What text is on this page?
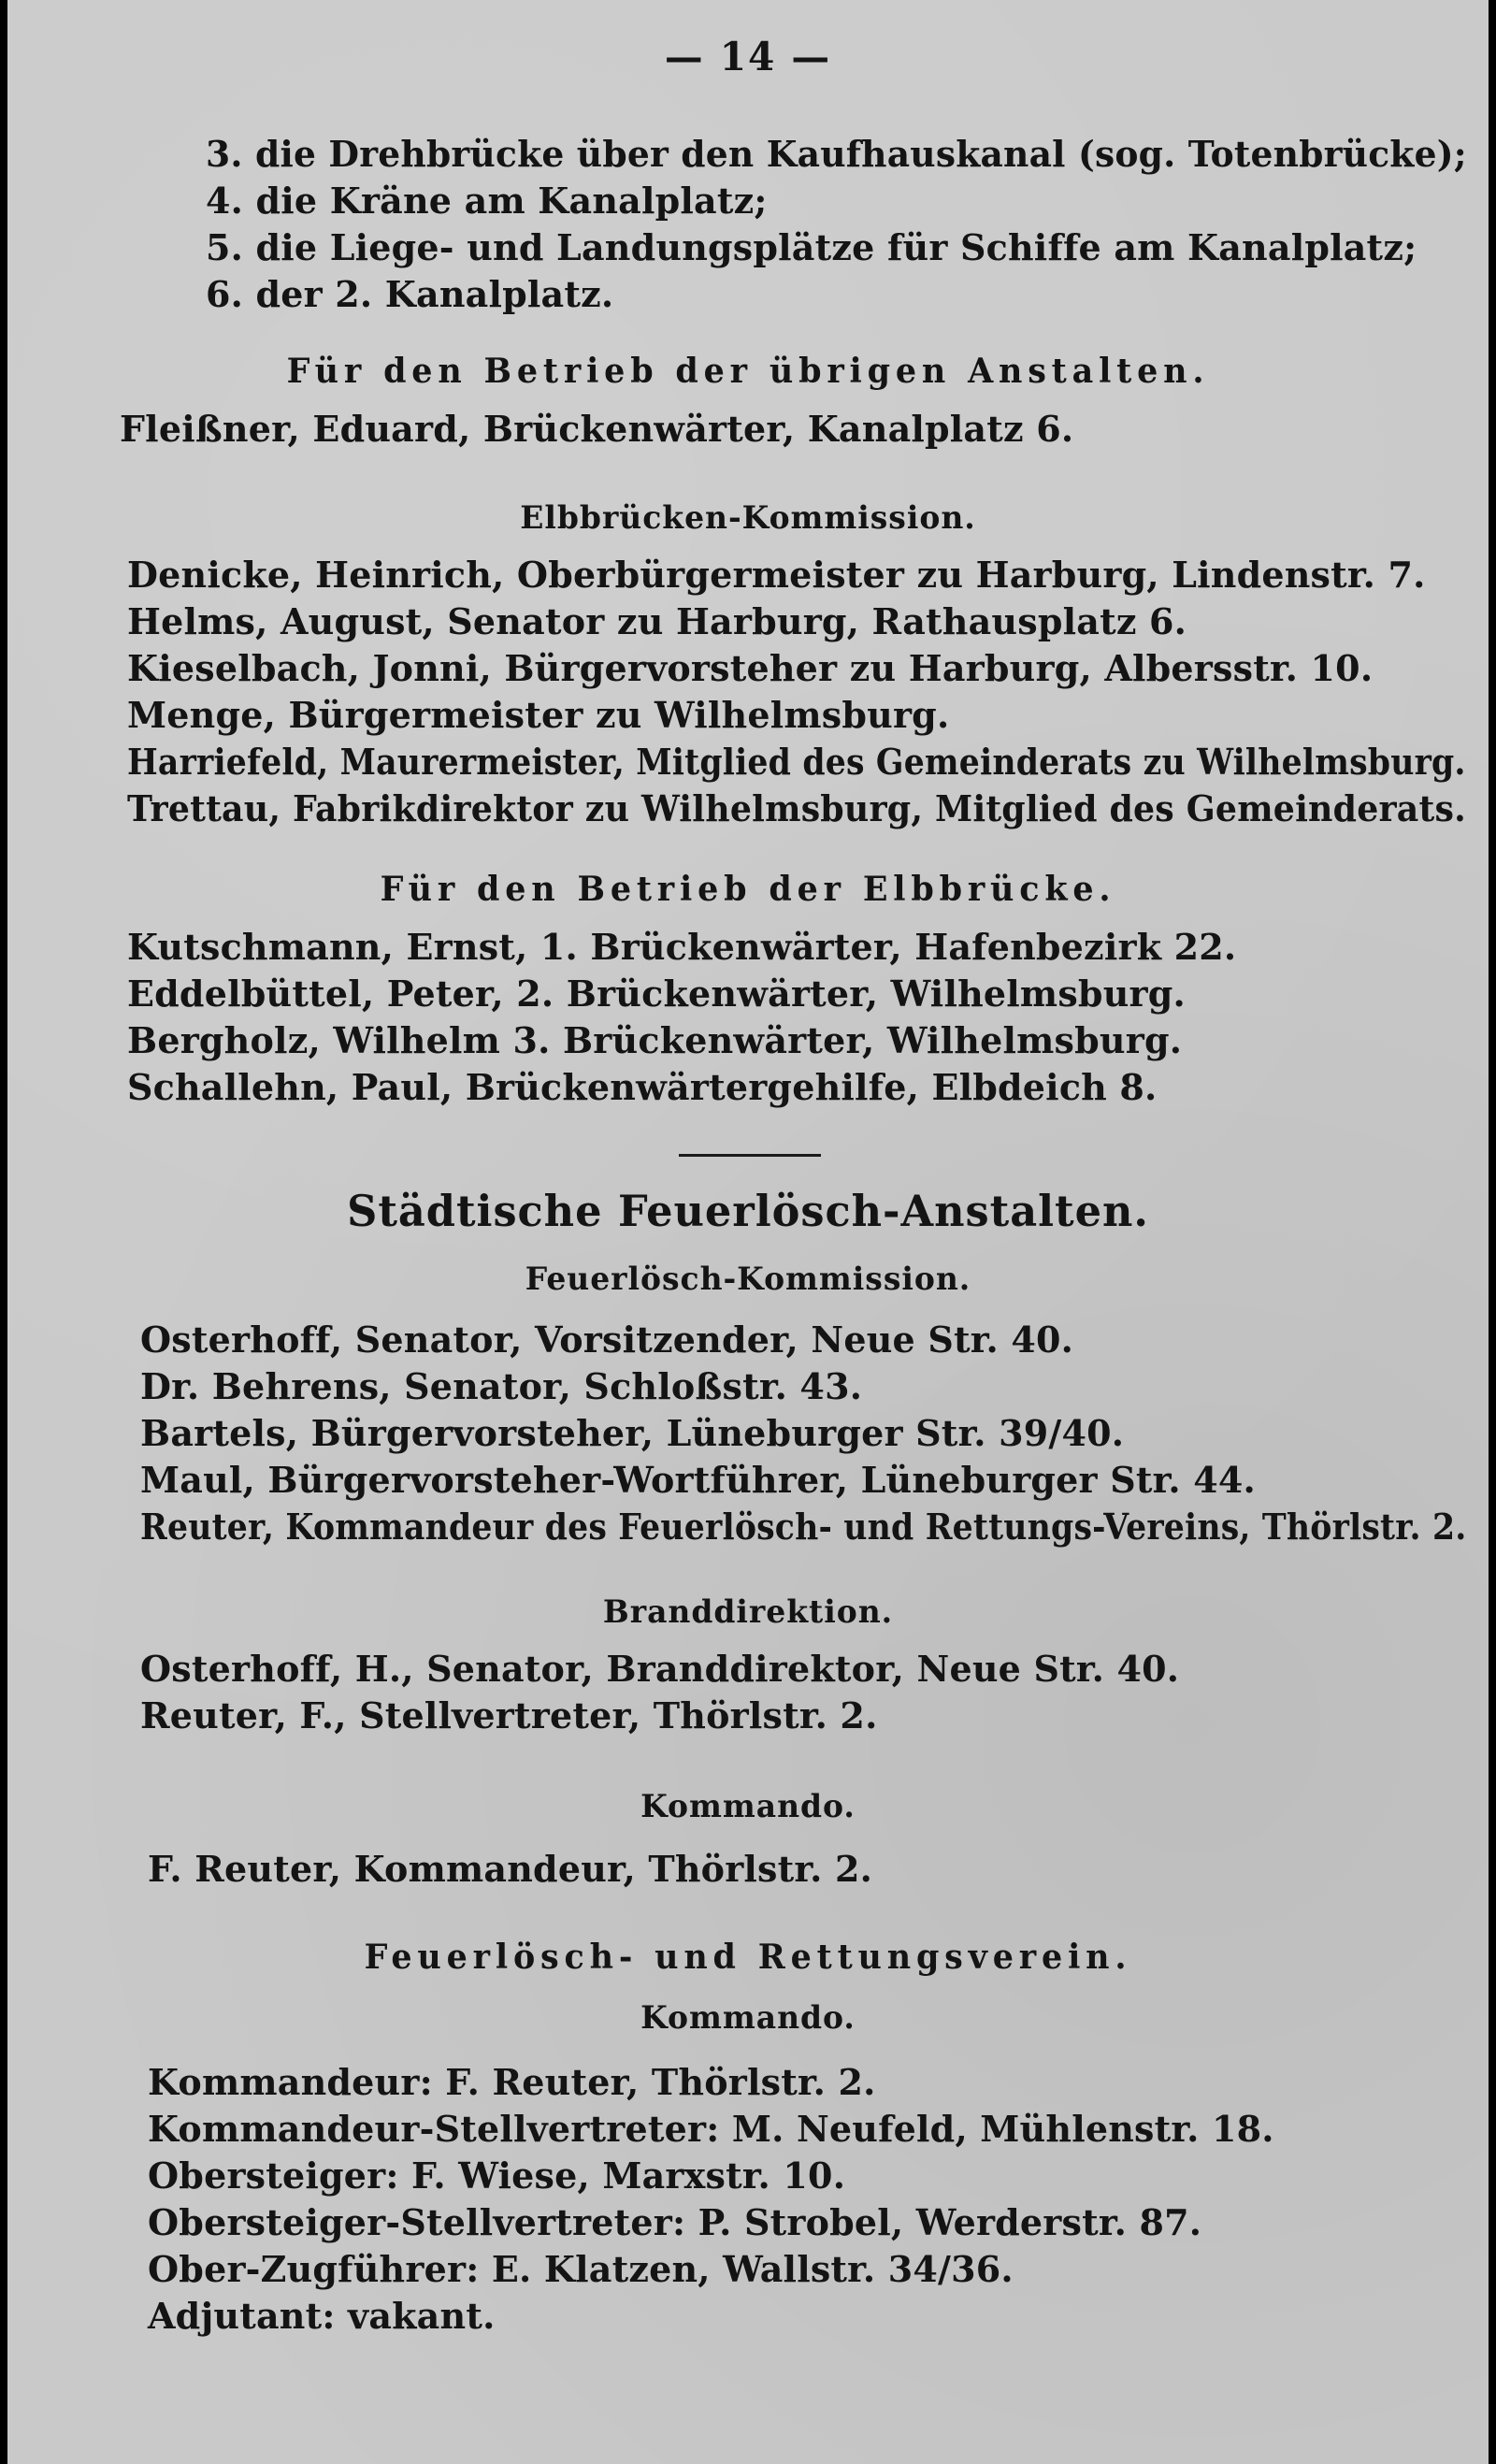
— 14 —
3. die Drehbrücke über den Kaufhauskanal (sog. Totenbrücke);
4. die Kräne am Kanalplatz;
5. die Liege- und Landungsplätze für Schiffe am Kanalplatz;
6. der 2. Kanalplatz.
Für den Betrieb der übrigen Anstalten.
Fleißner, Eduard, Brückenwärter, Kanalplatz 6.
Elbbrücken-Kommission.
Denicke, Heinrich, Oberbürgermeister zu Harburg, Lindenstr. 7.
Helms, August, Senator zu Harburg, Rathausplatz 6.
Kieselbach, Jonni, Bürgervorsteher zu Harburg, Albersstr. 10.
Menge, Bürgermeister zu Wilhelmsburg.
Harriefeld, Maurermeister, Mitglied des Gemeinderats zu Wilhelmsburg.
Trettau, Fabrikdirektor zu Wilhelmsburg, Mitglied des Gemeinderats.
Für den Betrieb der Elbbrücke.
Kutschmann, Ernst, 1. Brückenwärter, Hafenbezirk 22.
Eddelbüttel, Peter, 2. Brückenwärter, Wilhelmsburg.
Bergholz, Wilhelm 3. Brückenwärter, Wilhelmsburg.
Schallehn, Paul, Brückenwärtergehilfe, Elbdeich 8.
Städtische Feuerlösch-Anstalten.
Feuerlösch-Kommission.
Osterhoff, Senator, Vorsitzender, Neue Str. 40.
Dr. Behrens, Senator, Schloßstr. 43.
Bartels, Bürgervorsteher, Lüneburger Str. 39/40.
Maul, Bürgervorsteher-Wortführer, Lüneburger Str. 44.
Reuter, Kommandeur des Feuerlösch- und Rettungs-Vereins, Thörlstr. 2.
Branddirektion.
Osterhoff, H., Senator, Branddirektor, Neue Str. 40.
Reuter, F., Stellvertreter, Thörlstr. 2.
Kommando.
F. Reuter, Kommandeur, Thörlstr. 2.
Feuerlösch- und Rettungsverein.
Kommando.
Kommandeur: F. Reuter, Thörlstr. 2.
Kommandeur-Stellvertreter: M. Neufeld, Mühlenstr. 18.
Obersteiger: F. Wiese, Marxstr. 10.
Obersteiger-Stellvertreter: P. Strobel, Werderstr. 87.
Ober-Zugführer: E. Klatzen, Wallstr. 34/36.
Adjutant: vakant.
